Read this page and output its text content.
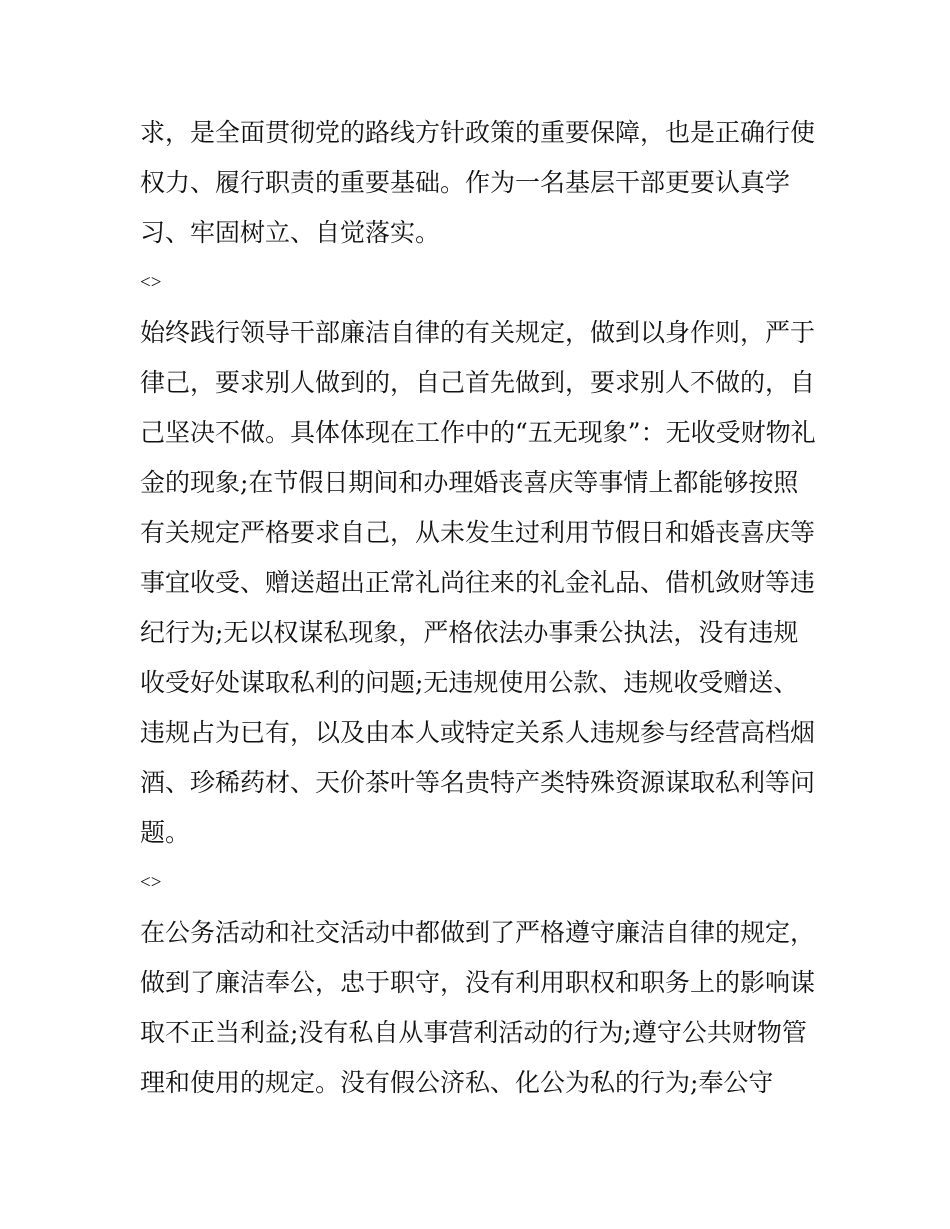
求，是全面贯彻党的路线方针政策的重要保障，也是正确行使

权力、履行职责的重要基础。作为一名基层干部更要认真学

习、牢固树立、自觉落实。

<>

始终践行领导干部廉洁自律的有关规定，做到以身作则，严于

律己，要求别人做到的，自己首先做到，要求别人不做的，自

己坚决不做。具体体现在工作中的“五无现象”：无收受财物礼

金的现象;在节假日期间和办理婚丧喜庆等事情上都能够按照

有关规定严格要求自己，从未发生过利用节假日和婚丧喜庆等

事宜收受、赠送超出正常礼尚往来的礼金礼品、借机敛财等违

纪行为;无以权谋私现象，严格依法办事秉公执法，没有违规

收受好处谋取私利的问题;无违规使用公款、违规收受赠送、

违规占为已有，以及由本人或特定关系人违规参与经营高档烟

酒、珍稀药材、天价茶叶等名贵特产类特殊资源谋取私利等问

题。

<>

在公务活动和社交活动中都做到了严格遵守廉洁自律的规定，

做到了廉洁奉公，忠于职守，没有利用职权和职务上的影响谋

取不正当利益;没有私自从事营利活动的行为;遵守公共财物管

理和使用的规定。没有假公济私、化公为私的行为;奉公守
